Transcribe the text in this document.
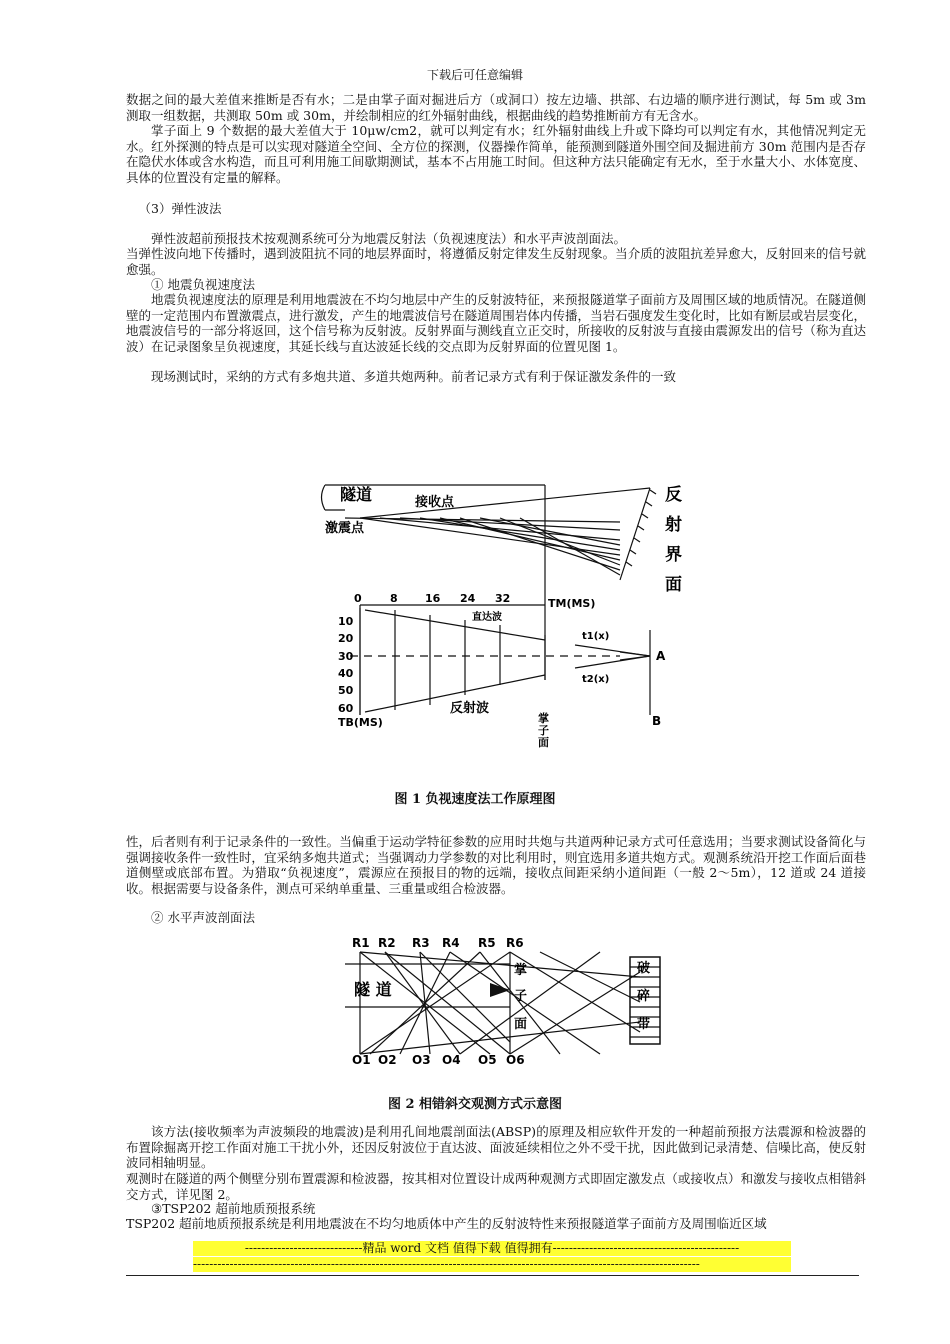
下载后可任意编辑

数据之间的最大差值来推断是否有水；二是由掌子面对掘进后方（或洞口）按左边墙、拱部、右边墙的顺序进行测试，每 5m 或 3m 测取一组数据，共测取 50m 或 30m，并绘制相应的红外辐射曲线，根据曲线的趋势推断前方有无含水。

掌子面上 9 个数据的最大差值大于 10μw/cm2，就可以判定有水；红外辐射曲线上升或下降均可以判定有水，其他情况判定无水。红外探测的特点是可以实现对隧道全空间、全方位的探测，仪器操作简单，能预测到隧道外围空间及掘进前方 30m 范围内是否存在隐伏水体或含水构造，而且可利用施工间歇期测试，基本不占用施工时间。但这种方法只能确定有无水，至于水量大小、水体宽度、具体的位置没有定量的解释。

（3）弹性波法

弹性波超前预报技术按观测系统可分为地震反射法（负视速度法）和水平声波剖面法。

当弹性波向地下传播时，遇到波阻抗不同的地层界面时，将遵循反射定律发生反射现象。当介质的波阻抗差异愈大，反射回来的信号就愈强。

① 地震负视速度法

地震负视速度法的原理是利用地震波在不均匀地层中产生的反射波特征，来预报隧道掌子面前方及周围区域的地质情况。在隧道侧壁的一定范围内布置激震点，进行激发，产生的地震波信号在隧道周围岩体内传播，当岩石强度发生变化时，比如有断层或岩层变化，地震波信号的一部分将返回，这个信号称为反射波。反射界面与测线直立正交时，所接收的反射波与直接由震源发出的信号（称为直达波）在记录图象呈负视速度，其延长线与直达波延长线的交点即为反射界面的位置见图 1。

现场测试时，采纳的方式有多炮共道、多道共炮两种。前者记录方式有利于保证激发条件的一致

隧道	接收点
激震点
反
射
界
面
0	8 16 24 32	TM(MS)
10
20
30
40
50
60
TB(MS)
直达波
反射波
掌
子
面
t1(x)
t2(x)
A
B
图 1 负视速度法工作原理图

性，后者则有利于记录条件的一致性。当偏重于运动学特征参数的应用时共炮与共道两种记录方式可任意选用；当要求测试设备简化与强调接收条件一致性时，宜采纳多炮共道式；当强调动力学参数的对比利用时，则宜选用多道共炮方式。观测系统沿开挖工作面后面巷道侧壁或底部布置。为猎取“负视速度”，震源应在预报目的物的远端，接收点间距采纳小道间距（一般 2～5m），12 道或 24 道接收。根据需要与设备条件，测点可采纳单重量、三重量或组合检波器。

② 水平声波剖面法

R1 R2 R3 R4 R5 R6
O1 O2 O3 O4 O5 O6
隧 道
掌
子
面
破
碎
带
图 2 相错斜交观测方式示意图

该方法(接收频率为声波频段的地震波)是利用孔间地震剖面法(ABSP)的原理及相应软件开发的一种超前预报方法震源和检波器的布置除掘离开挖工作面对施工干扰小外，还因反射波位于直达波、面波延续相位之外不受干扰，因此做到记录清楚、信噪比高，使反射波同相轴明显。

观测时在隧道的两个侧壁分别布置震源和检波器，按其相对位置设计成两种观测方式即固定激发点（或接收点）和激发与接收点相错斜交方式，详见图 2。

③TSP202 超前地质预报系统

TSP202 超前地质预报系统是利用地震波在不均匀地质体中产生的反射波特性来预报隧道掌子面前方及周围临近区域

-----------------------------精品 word 文档 值得下载 值得拥有----------------------------------------------
-----------------------------------------------------------------------------------------------------------------------------
